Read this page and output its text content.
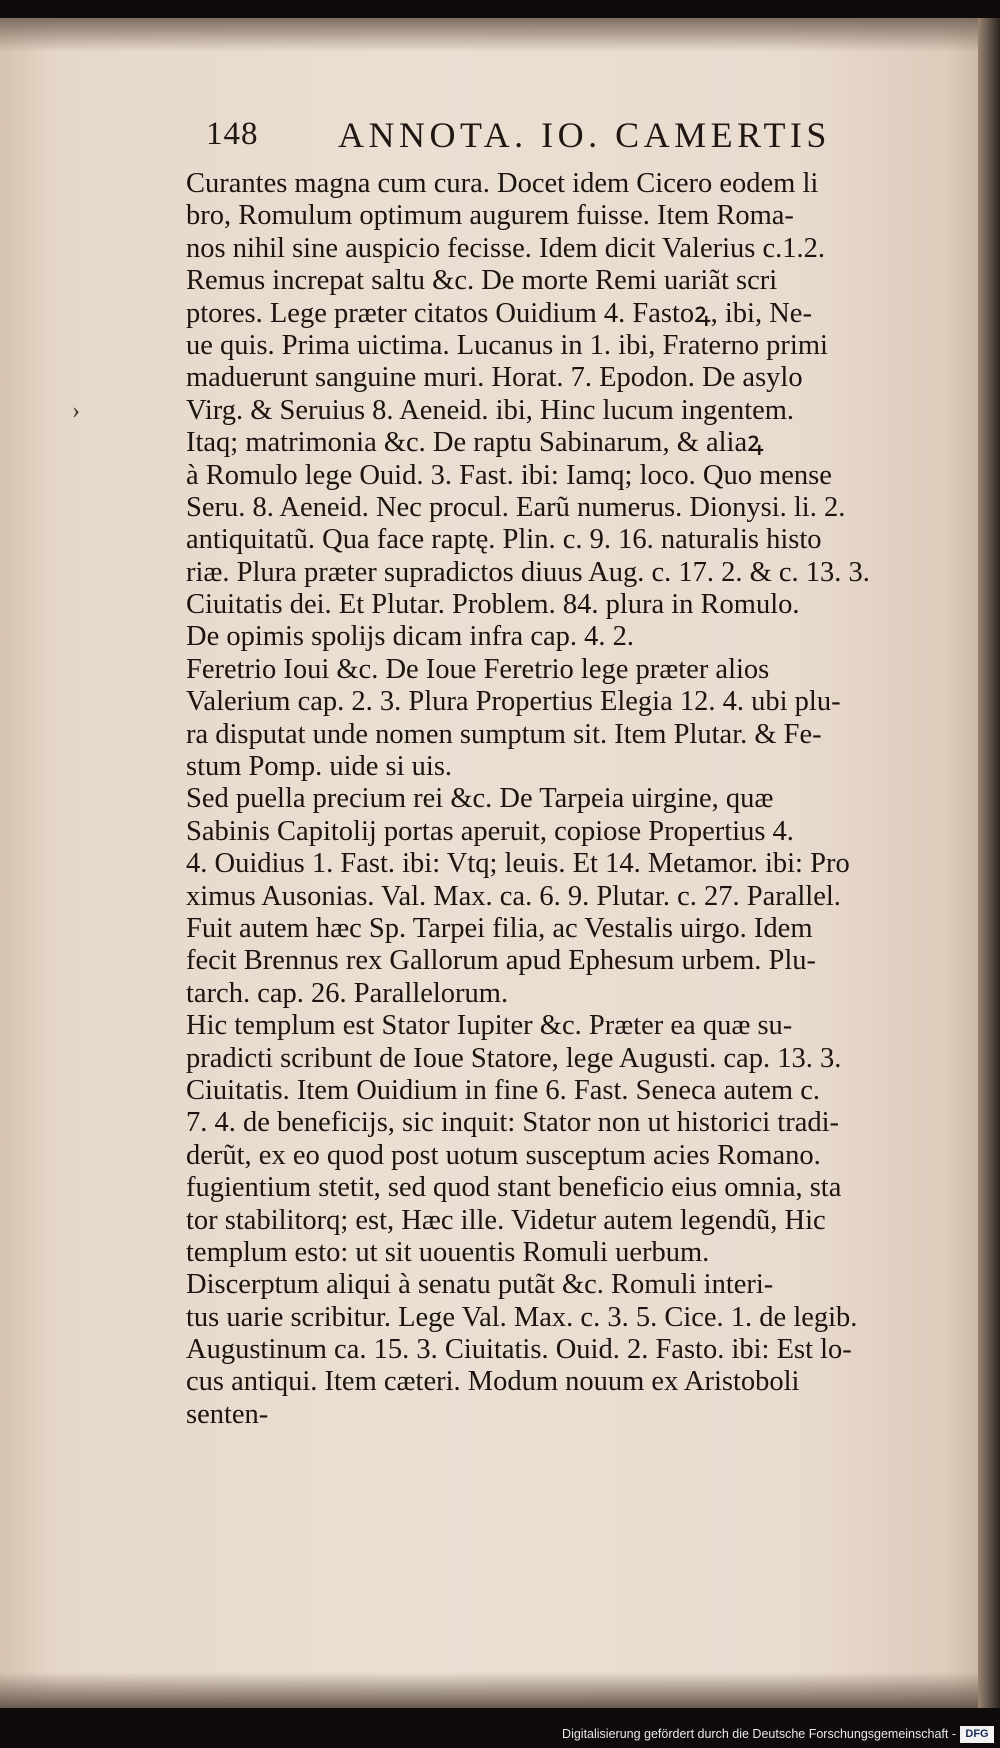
148 ANNOTA. IO. CAMERTIS
›
Curantes magna cum cura. Docet idem Cicero eodem li
bro, Romulum optimum augurem fuisse. Item Roma-
nos nihil sine auspicio fecisse. Idem dicit Valerius c.1.2.
Remus increpat saltu &c. De morte Remi uariãt scri
ptores. Lege præter citatos Ouidium 4. Fastoꝝ, ibi, Ne-
ue quis. Prima uictima. Lucanus in 1. ibi, Fraterno primi
maduerunt sanguine muri. Horat. 7. Epodon. De asylo
Virg. & Seruius 8. Aeneid. ibi, Hinc lucum ingentem.
Itaq; matrimonia &c. De raptu Sabinarum, & aliaꝝ
à Romulo lege Ouid. 3. Fast. ibi: Iamq; loco. Quo mense
Seru. 8. Aeneid. Nec procul. Earũ numerus. Dionysi. li. 2.
antiquitatũ. Qua face raptę. Plin. c. 9. 16. naturalis histo
riæ. Plura præter supradictos diuus Aug. c. 17. 2. & c. 13. 3.
Ciuitatis dei. Et Plutar. Problem. 84. plura in Romulo.
De opimis spolijs dicam infra cap. 4. 2.
Feretrio Ioui &c. De Ioue Feretrio lege præter alios
Valerium cap. 2. 3. Plura Propertius Elegia 12. 4. ubi plu-
ra disputat unde nomen sumptum sit. Item Plutar. & Fe-
stum Pomp. uide si uis.
Sed puella precium rei &c. De Tarpeia uirgine, quæ
Sabinis Capitolij portas aperuit, copiose Propertius 4.
4. Ouidius 1. Fast. ibi: Vtq; leuis. Et 14. Metamor. ibi: Pro
ximus Ausonias. Val. Max. ca. 6. 9. Plutar. c. 27. Parallel.
Fuit autem hæc Sp. Tarpei filia, ac Vestalis uirgo. Idem
fecit Brennus rex Gallorum apud Ephesum urbem. Plu-
tarch. cap. 26. Parallelorum.
Hic templum est Stator Iupiter &c. Præter ea quæ su-
pradicti scribunt de Ioue Statore, lege Augusti. cap. 13. 3.
Ciuitatis. Item Ouidium in fine 6. Fast. Seneca autem c.
7. 4. de beneficijs, sic inquit: Stator non ut historici tradi-
derũt, ex eo quod post uotum susceptum acies Romano.
fugientium stetit, sed quod stant beneficio eius omnia, sta
tor stabilitorq; est, Hæc ille. Videtur autem legendũ, Hic
templum esto: ut sit uouentis Romuli uerbum.
Discerptum aliqui à senatu putãt &c. Romuli interi-
tus uarie scribitur. Lege Val. Max. c. 3. 5. Cice. 1. de legib.
Augustinum ca. 15. 3. Ciuitatis. Ouid. 2. Fasto. ibi: Est lo-
cus antiqui. Item cæteri. Modum nouum ex Aristoboli
senten-
Digitalisierung gefördert durch die Deutsche Forschungsgemeinschaft - DFG
